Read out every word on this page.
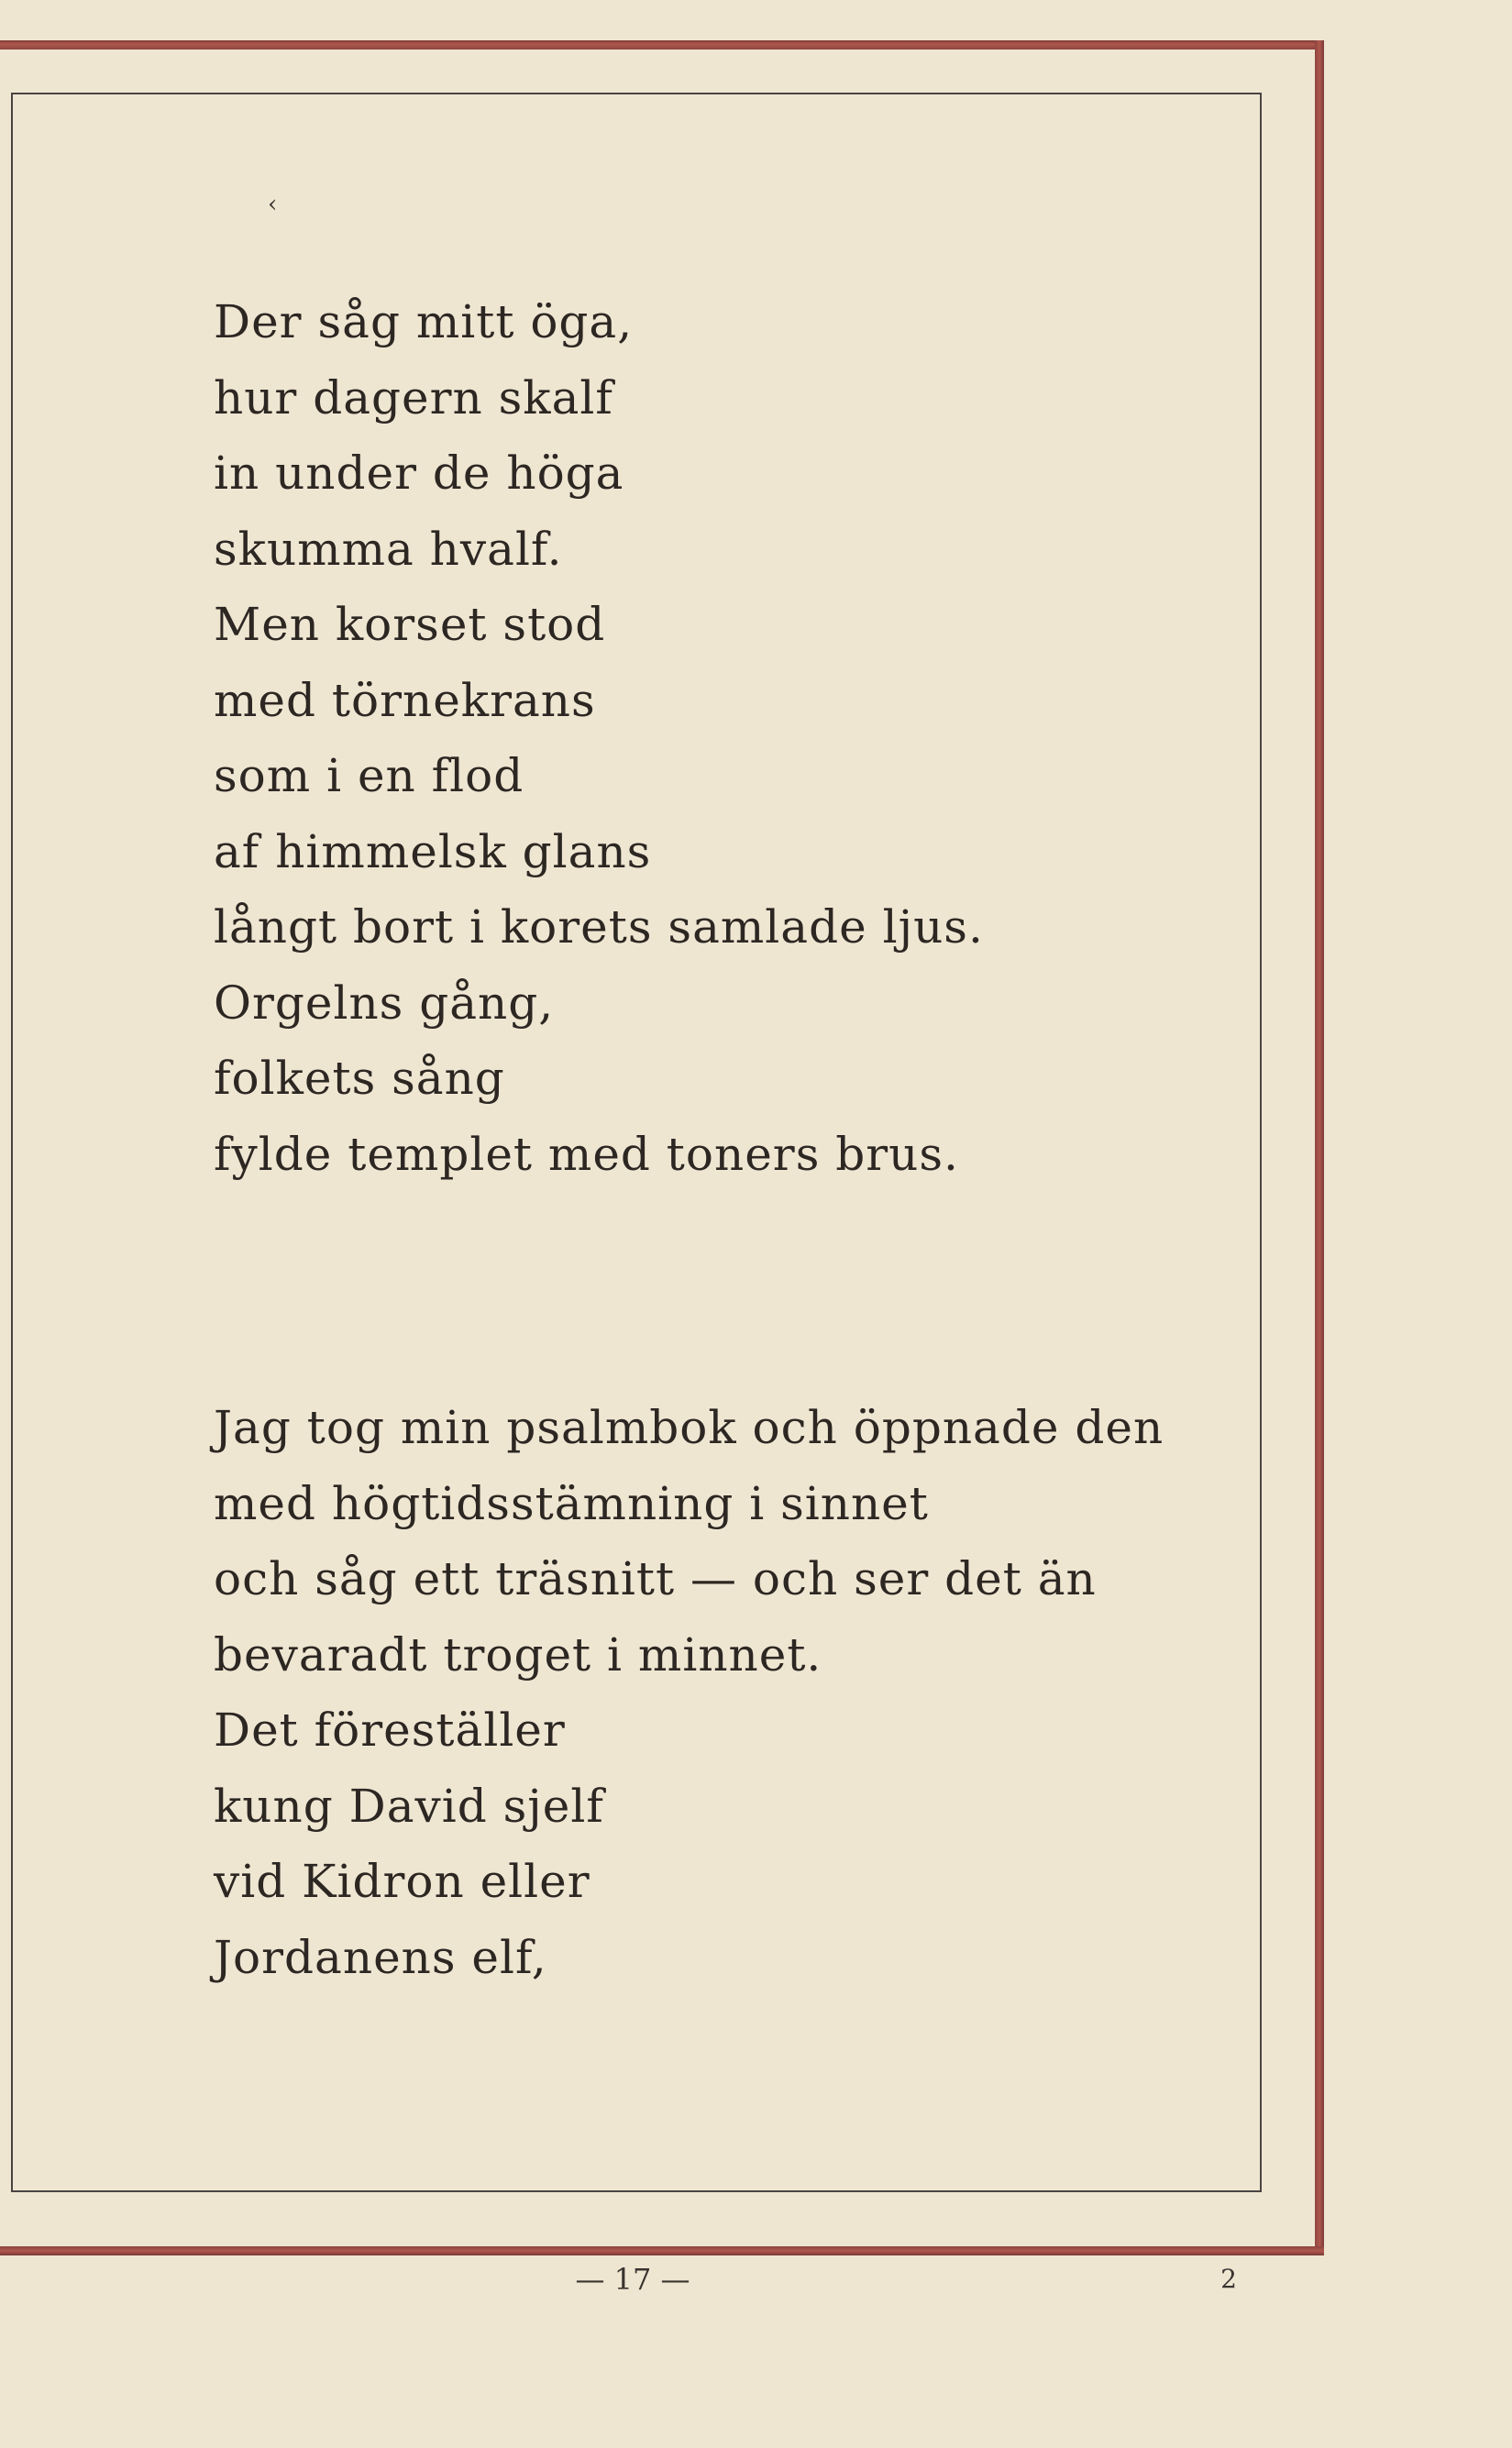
‹
Der såg mitt öga,
hur dagern skalf
in under de höga
skumma hvalf.
Men korset stod
med törnekrans
som i en flod
af himmelsk glans
långt bort i korets samlade ljus.
Orgelns gång,
folkets sång
fylde templet med toners brus.
Jag tog min psalmbok och öppnade den
med högtidsstämning i sinnet
och såg ett träsnitt — och ser det än
bevaradt troget i minnet.
Det föreställer
kung David sjelf
vid Kidron eller
Jordanens elf,
— 17 —	2
